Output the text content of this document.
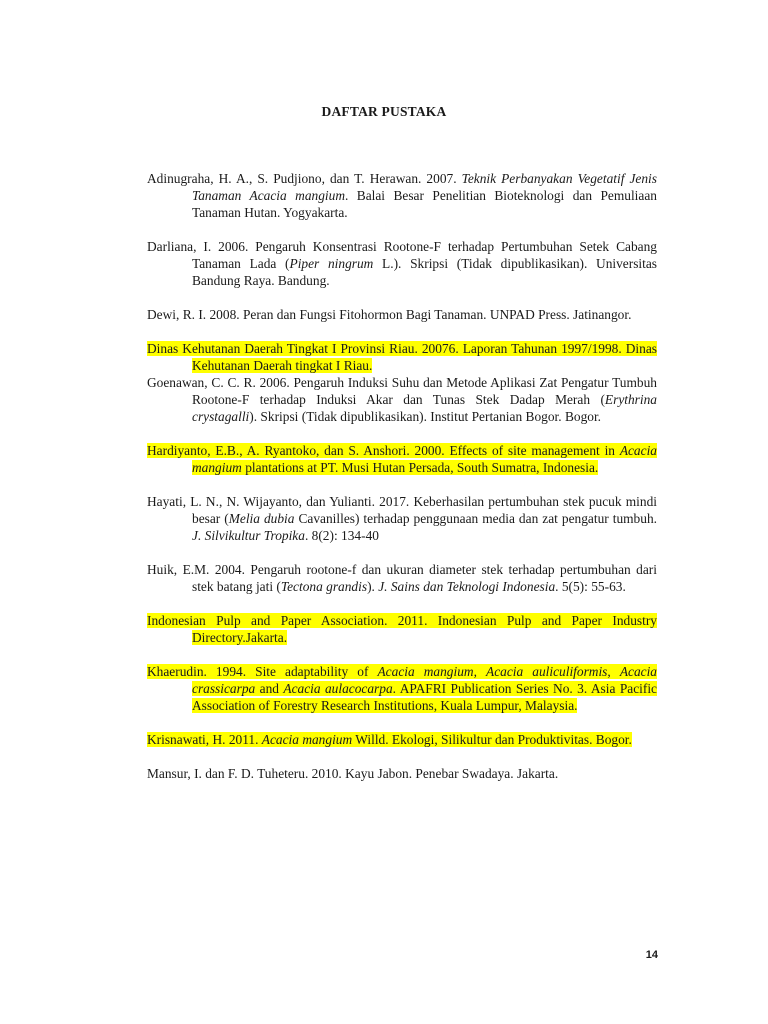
DAFTAR PUSTAKA

Adinugraha, H. A., S. Pudjiono, dan T. Herawan. 2007. Teknik Perbanyakan Vegetatif Jenis Tanaman Acacia mangium. Balai Besar Penelitian Bioteknologi dan Pemuliaan Tanaman Hutan. Yogyakarta.

Darliana, I. 2006. Pengaruh Konsentrasi Rootone-F terhadap Pertumbuhan Setek Cabang Tanaman Lada (Piper ningrum L.). Skripsi (Tidak dipublikasikan). Universitas Bandung Raya. Bandung.

Dewi, R. I. 2008. Peran dan Fungsi Fitohormon Bagi Tanaman. UNPAD Press. Jatinangor.

Dinas Kehutanan Daerah Tingkat I Provinsi Riau. 20076. Laporan Tahunan 1997/1998. Dinas Kehutanan Daerah tingkat I Riau.

Goenawan, C. C. R. 2006. Pengaruh Induksi Suhu dan Metode Aplikasi Zat Pengatur Tumbuh Rootone-F terhadap Induksi Akar dan Tunas Stek Dadap Merah (Erythrina crystagalli). Skripsi (Tidak dipublikasikan). Institut Pertanian Bogor. Bogor.

Hardiyanto, E.B., A. Ryantoko, dan S. Anshori. 2000. Effects of site management in Acacia mangium plantations at PT. Musi Hutan Persada, South Sumatra, Indonesia.

Hayati, L. N., N. Wijayanto, dan Yulianti. 2017. Keberhasilan pertumbuhan stek pucuk mindi besar (Melia dubia Cavanilles) terhadap penggunaan media dan zat pengatur tumbuh. J. Silvikultur Tropika. 8(2): 134-40

Huik, E.M. 2004. Pengaruh rootone-f dan ukuran diameter stek terhadap pertumbuhan dari stek batang jati (Tectona grandis). J. Sains dan Teknologi Indonesia. 5(5): 55-63.

Indonesian Pulp and Paper Association. 2011. Indonesian Pulp and Paper Industry Directory.Jakarta.

Khaerudin. 1994. Site adaptability of Acacia mangium, Acacia auliculiformis, Acacia crassicarpa and Acacia aulacocarpa. APAFRI Publication Series No. 3. Asia Pacific Association of Forestry Research Institutions, Kuala Lumpur, Malaysia.

Krisnawati, H. 2011. Acacia mangium Willd. Ekologi, Silikultur dan Produktivitas. Bogor.

Mansur, I. dan F. D. Tuheteru. 2010. Kayu Jabon. Penebar Swadaya. Jakarta.

14
